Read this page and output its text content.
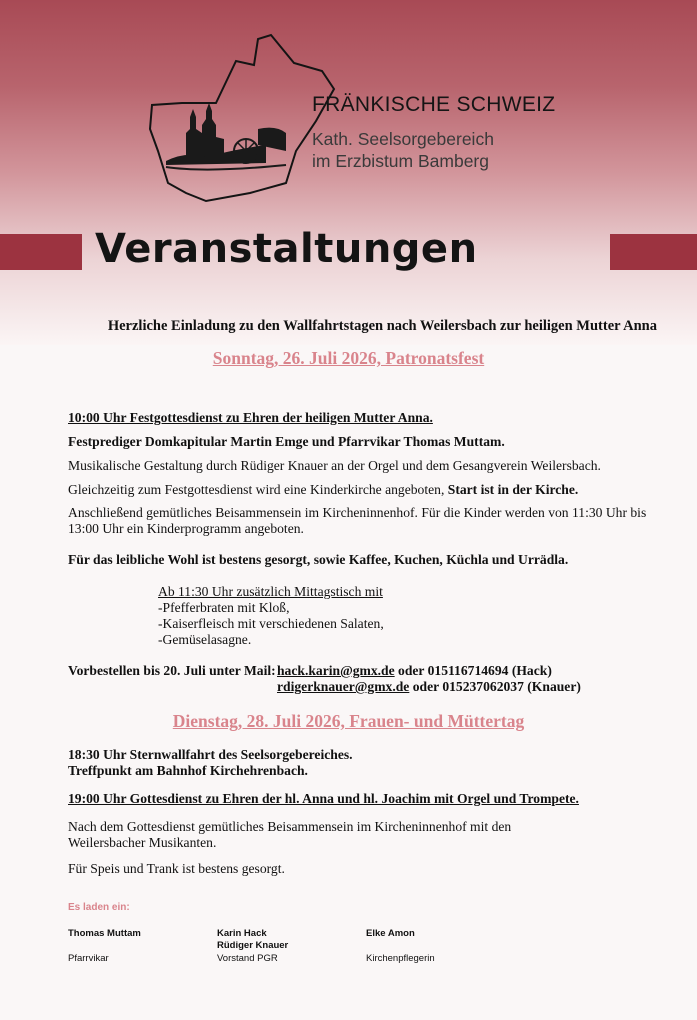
FRÄNKISCHE SCHWEIZ
Kath. Seelsorgebereich
im Erzbistum Bamberg
Veranstaltungen
Herzliche Einladung zu den Wallfahrtstagen nach Weilersbach zur heiligen Mutter Anna
Sonntag, 26. Juli 2026, Patronatsfest
10:00 Uhr Festgottesdienst zu Ehren der heiligen Mutter Anna.
Festprediger Domkapitular Martin Emge und Pfarrvikar Thomas Muttam.
Musikalische Gestaltung durch Rüdiger Knauer an der Orgel und dem Gesangverein Weilersbach.
Gleichzeitig zum Festgottesdienst wird eine Kinderkirche angeboten, Start ist in der Kirche.
Anschließend gemütliches Beisammensein im Kircheninnenhof. Für die Kinder werden von 11:30 Uhr bis
13:00 Uhr ein Kinderprogramm angeboten.
Für das leibliche Wohl ist bestens gesorgt, sowie Kaffee, Kuchen, Küchla und Urrädla.
Ab 11:30 Uhr zusätzlich Mittagstisch mit
-Pfefferbraten mit Kloß,
-Kaiserfleisch mit verschiedenen Salaten,
-Gemüselasagne.
Vorbestellen bis 20. Juli unter Mail: hack.karin@gmx.de oder 015116714694 (Hack)
rdigerknauer@gmx.de oder 015237062037 (Knauer)
Dienstag, 28. Juli 2026, Frauen- und Müttertag
18:30 Uhr Sternwallfahrt des Seelsorgebereiches.
Treffpunkt am Bahnhof Kirchehrenbach.
19:00 Uhr Gottesdienst zu Ehren der hl. Anna und hl. Joachim mit Orgel und Trompete.
Nach dem Gottesdienst gemütliches Beisammensein im Kircheninnenhof mit den
Weilersbacher Musikanten.
Für Speis und Trank ist bestens gesorgt.
Es laden ein:
Thomas Muttam
Pfarrvikar
Karin Hack
Rüdiger Knauer
Vorstand PGR
Elke Amon
Kirchenpflegerin
